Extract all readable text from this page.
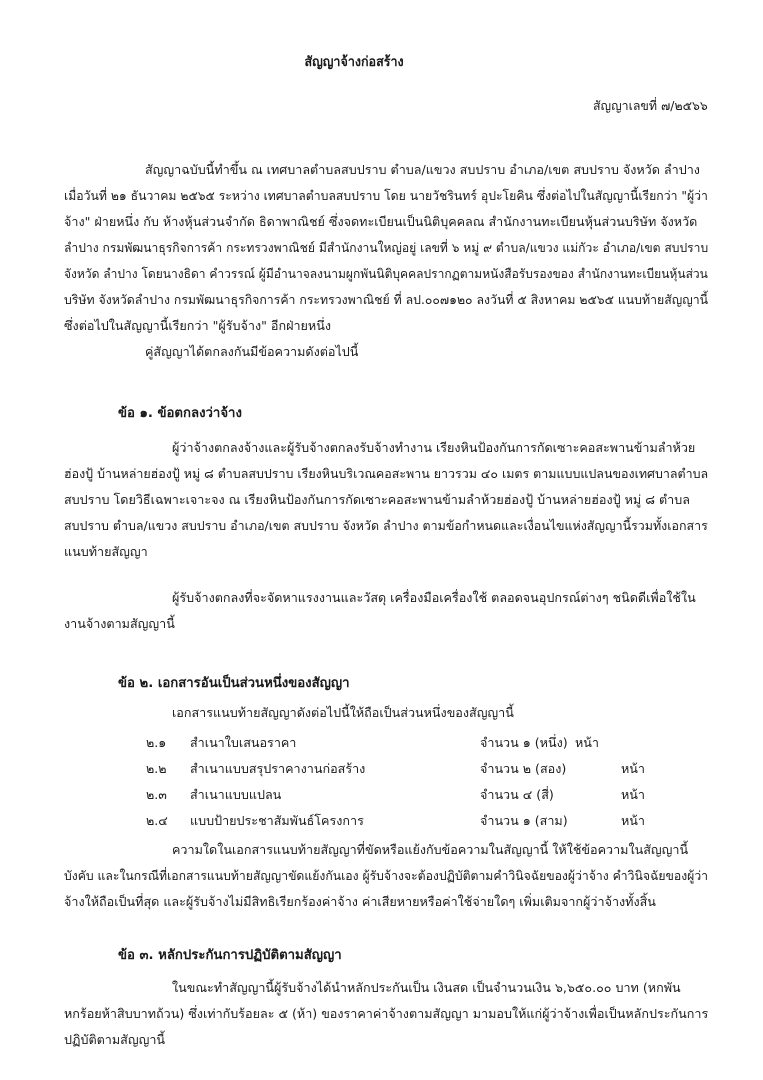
สัญญาจ้างก่อสร้าง
สัญญาเลขที่ ๗/๒๕๖๖
สัญญาฉบับนี้ทำขึ้น ณ เทศบาลตำบลสบปราบ ตำบล/แขวง สบปราบ อำเภอ/เขต สบปราบ จังหวัด ลำปาง
เมื่อวันที่ ๒๑ ธันวาคม ๒๕๖๕ ระหว่าง เทศบาลตำบลสบปราบ โดย นายวัชรินทร์ อุปะโยคิน ซึ่งต่อไปในสัญญานี้เรียกว่า "ผู้ว่า
จ้าง" ฝ่ายหนึ่ง กับ ห้างหุ้นส่วนจำกัด ธิดาพาณิชย์ ซึ่งจดทะเบียนเป็นนิติบุคคลณ สำนักงานทะเบียนหุ้นส่วนบริษัท จังหวัด
ลำปาง กรมพัฒนาธุรกิจการค้า กระทรวงพาณิชย์ มีสำนักงานใหญ่อยู่ เลขที่ ๖ หมู่ ๙ ตำบล/แขวง แม่กัวะ อำเภอ/เขต สบปราบ
จังหวัด ลำปาง โดยนางธิดา คำวรรณ์ ผู้มีอำนาจลงนามผูกพันนิติบุคคลปรากฏตามหนังสือรับรองของ สำนักงานทะเบียนหุ้นส่วน
บริษัท จังหวัดลำปาง กรมพัฒนาธุรกิจการค้า กระทรวงพาณิชย์ ที่ ลป.๐๐๗๑๒๐ ลงวันที่ ๕ สิงหาคม ๒๕๖๕ แนบท้ายสัญญานี้
ซึ่งต่อไปในสัญญานี้เรียกว่า "ผู้รับจ้าง" อีกฝ่ายหนึ่ง
คู่สัญญาได้ตกลงกันมีข้อความดังต่อไปนี้
ข้อ ๑. ข้อตกลงว่าจ้าง
ผู้ว่าจ้างตกลงจ้างและผู้รับจ้างตกลงรับจ้างทำงาน เรียงหินป้องกันการกัดเซาะคอสะพานข้ามลำห้วย
ฮ่องปู้ บ้านหล่ายฮ่องปู้ หมู่ ๘ ตำบลสบปราบ เรียงหินบริเวณคอสะพาน ยาวรวม ๔๐ เมตร ตามแบบแปลนของเทศบาลตำบล
สบปราบ โดยวิธีเฉพาะเจาะจง ณ เรียงหินป้องกันการกัดเซาะคอสะพานข้ามลำห้วยฮ่องปู้ บ้านหล่ายฮ่องปู้ หมู่ ๘ ตำบล
สบปราบ ตำบล/แขวง สบปราบ อำเภอ/เขต สบปราบ จังหวัด ลำปาง ตามข้อกำหนดและเงื่อนไขแห่งสัญญานี้รวมทั้งเอกสาร
แนบท้ายสัญญา
ผู้รับจ้างตกลงที่จะจัดหาแรงงานและวัสดุ เครื่องมือเครื่องใช้ ตลอดจนอุปกรณ์ต่างๆ ชนิดดีเพื่อใช้ใน
งานจ้างตามสัญญานี้
ข้อ ๒. เอกสารอันเป็นส่วนหนึ่งของสัญญา
เอกสารแนบท้ายสัญญาดังต่อไปนี้ให้ถือเป็นส่วนหนึ่งของสัญญานี้
๒.๑ สำเนาใบเสนอราคา	จำนวน ๑ (หนึ่ง) หน้า
๒.๒ สำเนาแบบสรุปราคางานก่อสร้าง	จำนวน ๒ (สอง)	หน้า
๒.๓ สำเนาแบบแปลน	จำนวน ๔ (สี่)	หน้า
๒.๔ แบบป้ายประชาสัมพันธ์โครงการ	จำนวน ๑ (สาม)	หน้า
ความใดในเอกสารแนบท้ายสัญญาที่ขัดหรือแย้งกับข้อความในสัญญานี้ ให้ใช้ข้อความในสัญญานี้
บังคับ และในกรณีที่เอกสารแนบท้ายสัญญาขัดแย้งกันเอง ผู้รับจ้างจะต้องปฏิบัติตามคำวินิจฉัยของผู้ว่าจ้าง คำวินิจฉัยของผู้ว่า
จ้างให้ถือเป็นที่สุด และผู้รับจ้างไม่มีสิทธิเรียกร้องค่าจ้าง ค่าเสียหายหรือค่าใช้จ่ายใดๆ เพิ่มเติมจากผู้ว่าจ้างทั้งสิ้น
ข้อ ๓. หลักประกันการปฏิบัติตามสัญญา
ในขณะทำสัญญานี้ผู้รับจ้างได้นำหลักประกันเป็น เงินสด เป็นจำนวนเงิน ๖,๖๕๐.๐๐ บาท (หกพัน
หกร้อยห้าสิบบาทถ้วน) ซึ่งเท่ากับร้อยละ ๕ (ห้า) ของราคาค่าจ้างตามสัญญา มามอบให้แก่ผู้ว่าจ้างเพื่อเป็นหลักประกันการ
ปฏิบัติตามสัญญานี้
